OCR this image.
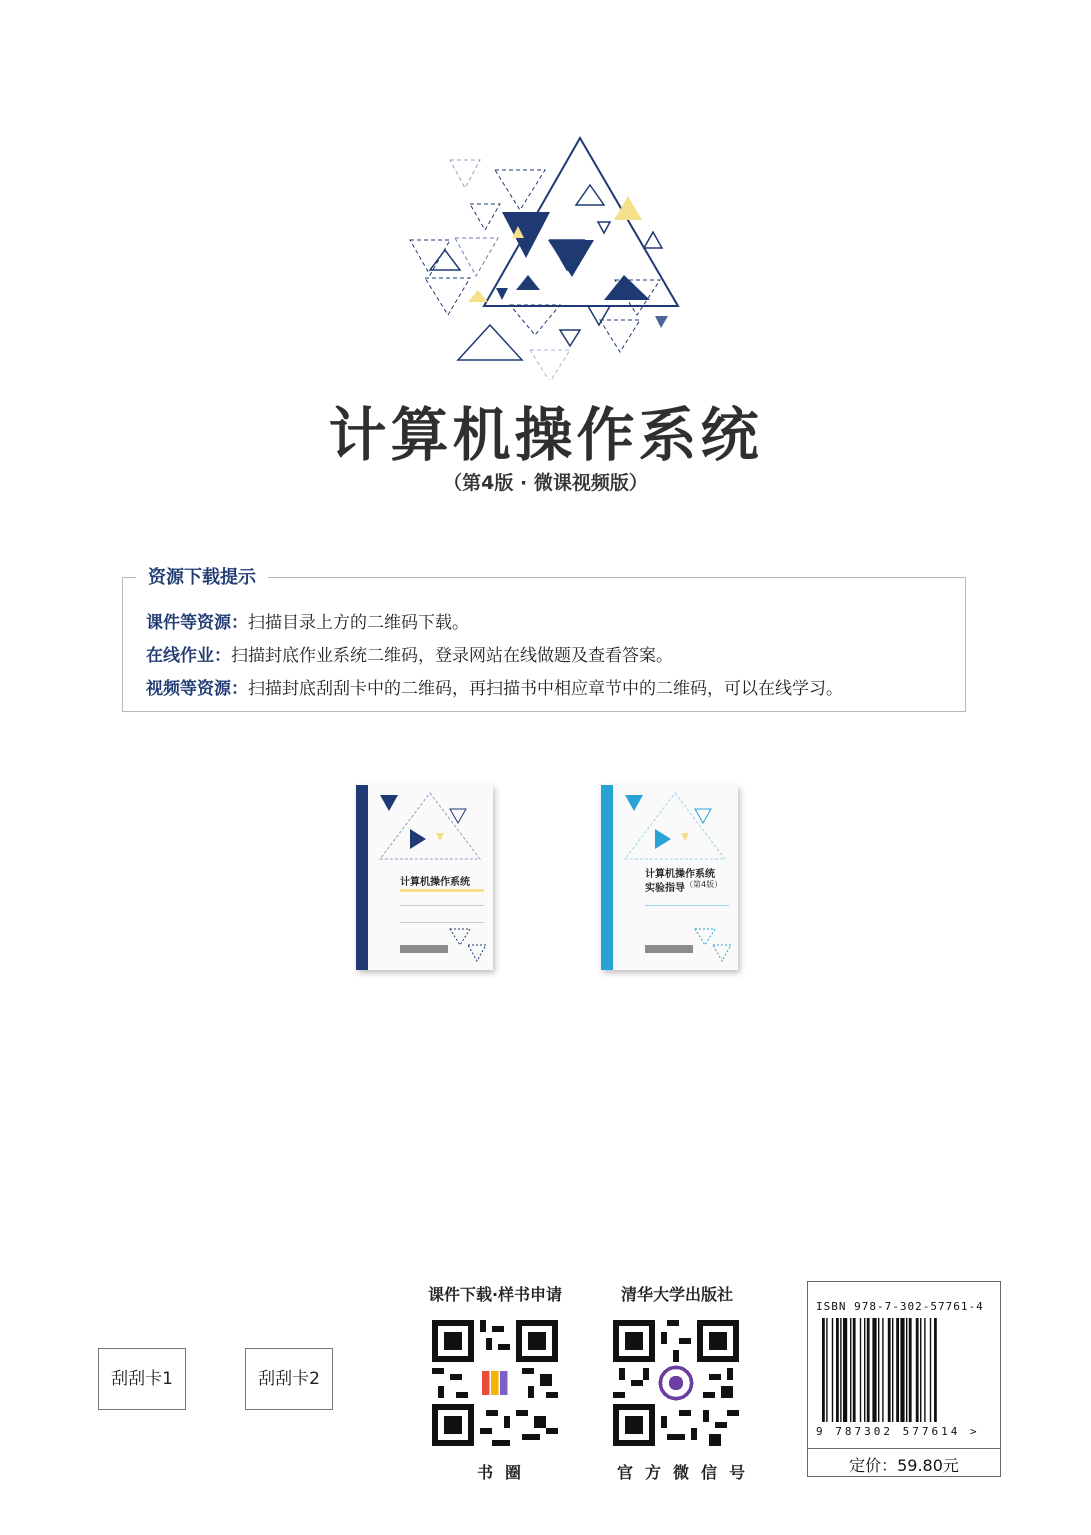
计算机操作系统
（第4版 · 微课视频版）
资源下载提示
课件等资源：扫描目录上方的二维码下载。
在线作业：扫描封底作业系统二维码，登录网站在线做题及查看答案。
视频等资源：扫描封底刮刮卡中的二维码，再扫描书中相应章节中的二维码，可以在线学习。
计算机操作系统
计算机操作系统
实验指导 （第4版）
刮刮卡1	刮刮卡2
课件下载·样书申请
书圈
清华大学出版社
官方微信号
ISBN 978-7-302-57761-4
9 787302 577614 >
定价：59.80元
